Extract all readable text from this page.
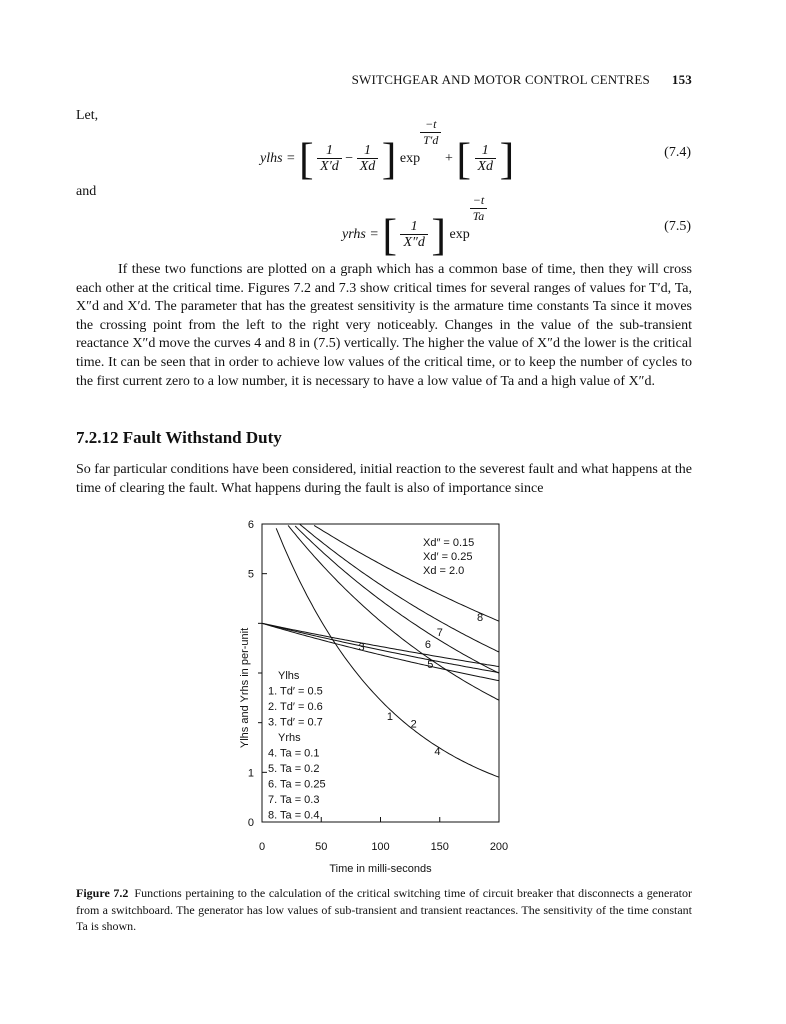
SWITCHGEAR AND MOTOR CONTROL CENTRES 153
Let,
ylhs = [ $\frac{1}{X'd} - \frac{1}{Xd}$ ] exp
$\frac{-t}{T'd}$
+ [ $\frac{1}{Xd}$ ]	(7.4)
and
yrhs = [ $\frac{1}{X''d}$ ] exp
$\frac{-t}{Ta}$
(7.5)

If these two functions are plotted on a graph which has a common base of time, then they will cross each other at the critical time. Figures 7.2 and 7.3 show critical times for several ranges of values for T′d, Ta, X″d and X′d. The parameter that has the greatest sensitivity is the armature time constants Ta since it moves the crossing point from the left to the right very noticeably. Changes in the value of the sub-transient reactance X″d move the curves 4 and 8 in (7.5) vertically. The higher the value of X″d the lower is the critical time. It can be seen that in order to achieve low values of the critical time, or to keep the number of cycles to the first current zero to a low number, it is necessary to have a low value of Ta and a high value of X″d.

7.2.12 Fault Withstand Duty

So far particular conditions have been considered, initial reaction to the severest fault and what happens at the time of clearing the fault. What happens during the fault is also of importance since

0	50	100	150	200
0
1
5
6
Time in milli-seconds
Ylhs and Yrhs in per-unit	1
2
3
4
5
6
7
8
Xd″ = 0.15
Xd′ = 0.25
Xd = 2.0
Ylhs
1. Td′ = 0.5
2. Td′ = 0.6
3. Td′ = 0.7
Yrhs
4. Ta = 0.1
5. Ta = 0.2
6. Ta = 0.25
7. Ta = 0.3
8. Ta = 0.4
Figure 7.2 Functions pertaining to the calculation of the critical switching time of circuit breaker that disconnects a generator from a switchboard. The generator has low values of sub-transient and transient reactances. The sensitivity of the time constant Ta is shown.
